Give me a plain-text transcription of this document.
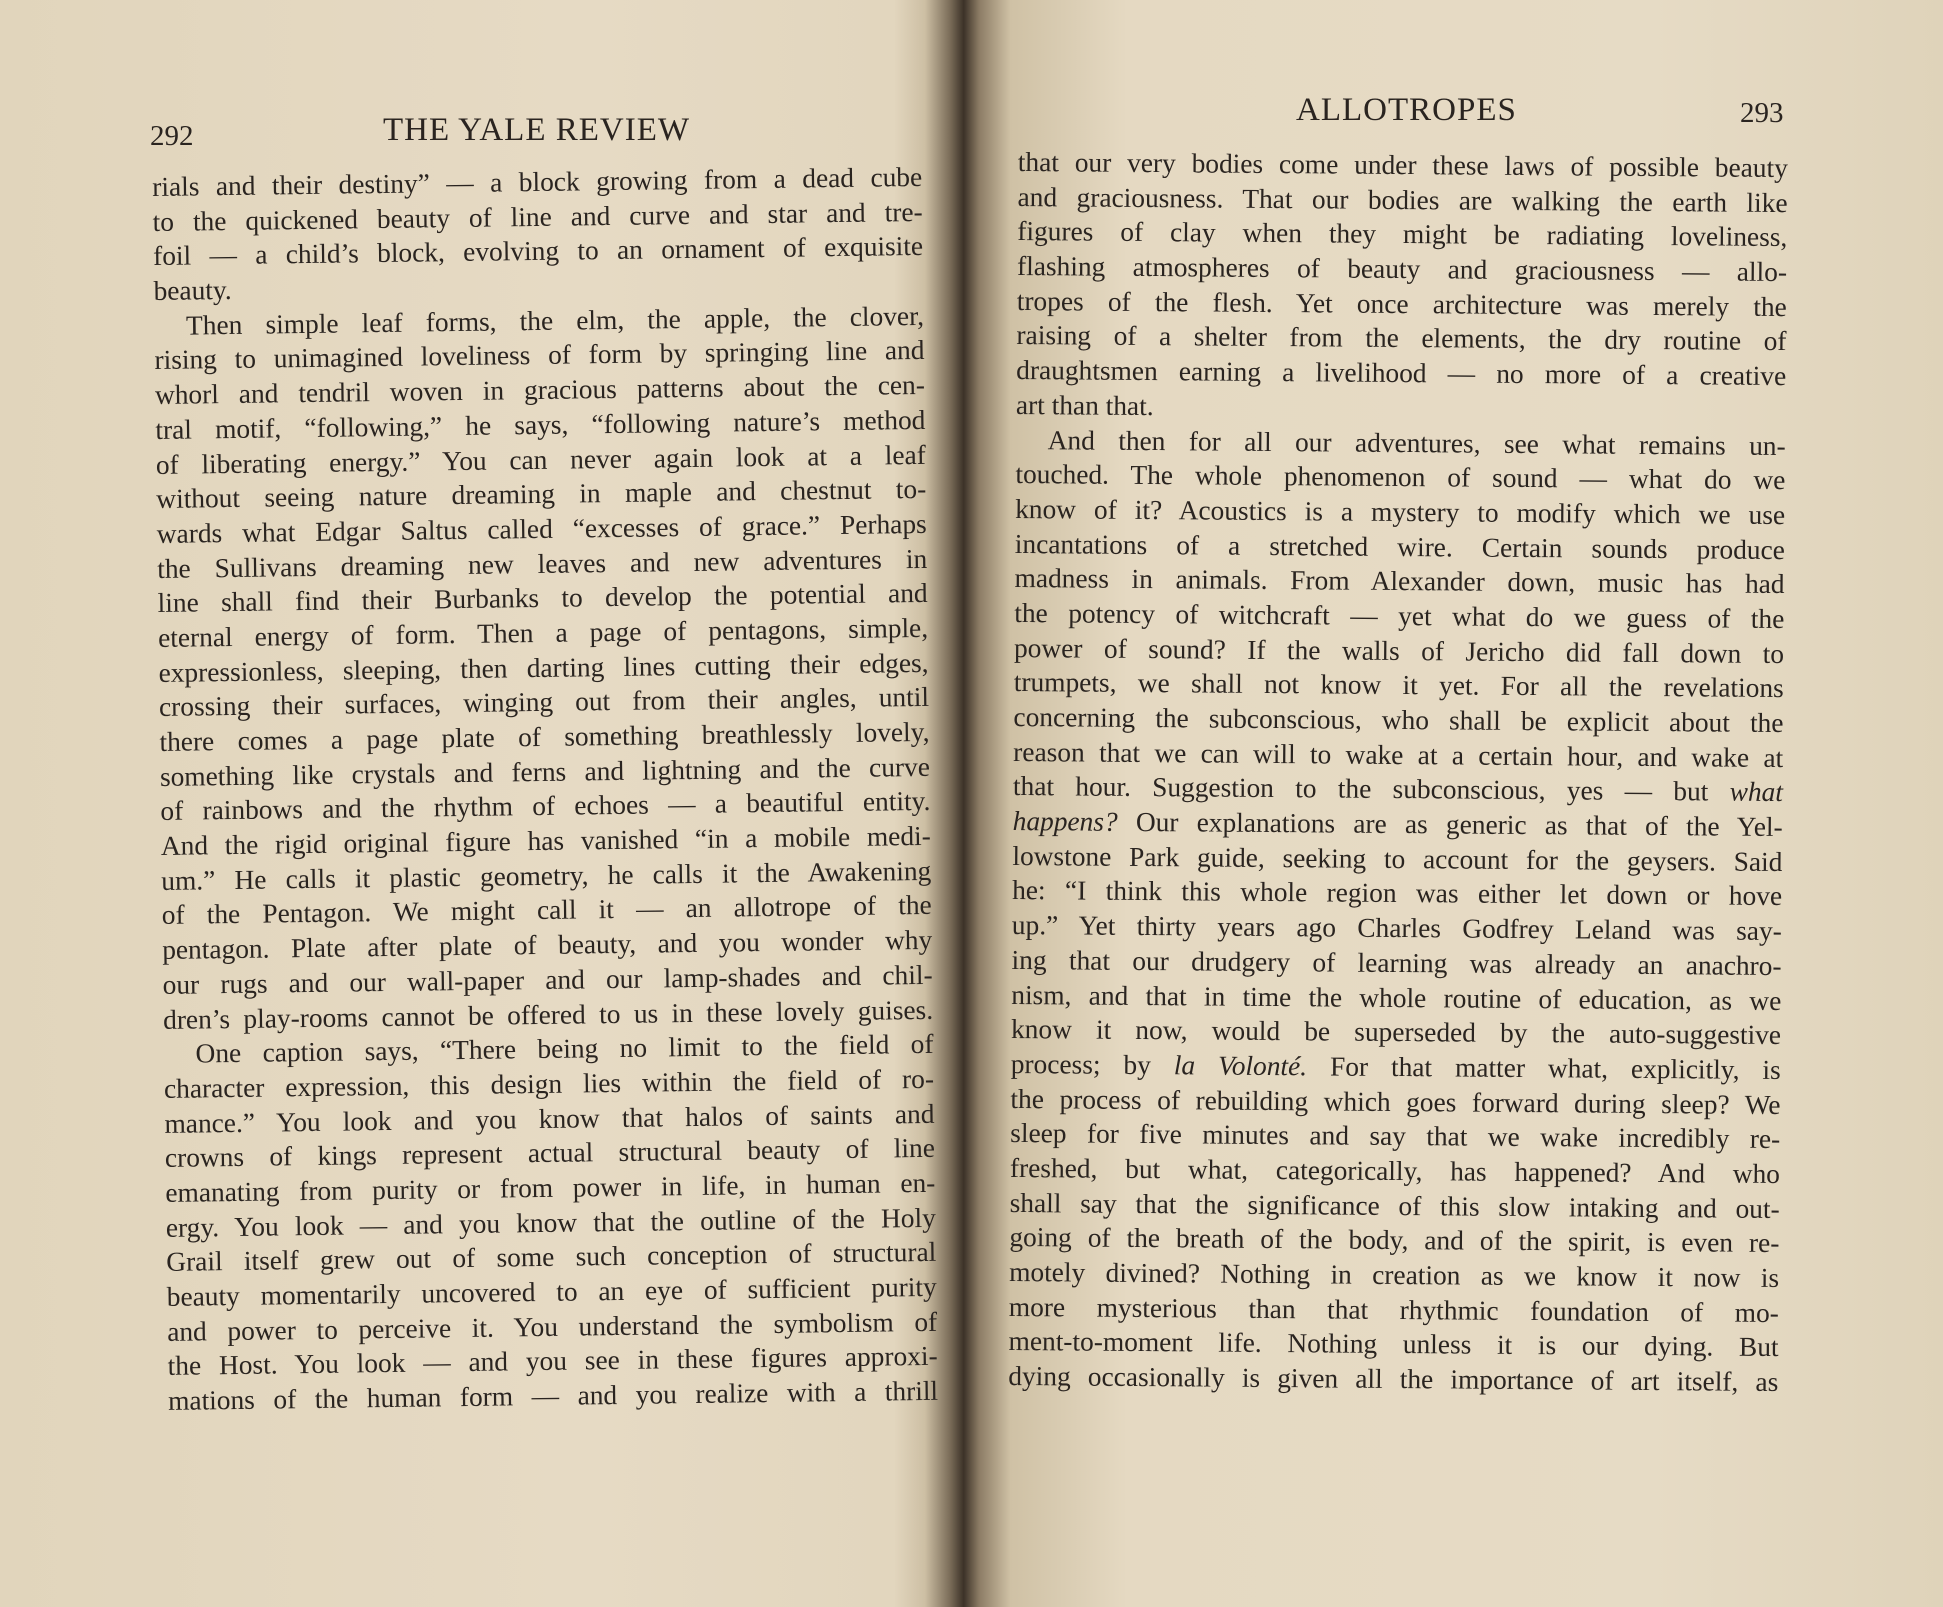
292	THE YALE REVIEW
rials and their destiny” — a block growing from a dead cube
to the quickened beauty of line and curve and star and tre-
foil — a child’s block, evolving to an ornament of exquisite
beauty.
Then simple leaf forms, the elm, the apple, the clover,
rising to unimagined loveliness of form by springing line and
whorl and tendril woven in gracious patterns about the cen-
tral motif, “following,” he says, “following nature’s method
of liberating energy.” You can never again look at a leaf
without seeing nature dreaming in maple and chestnut to-
wards what Edgar Saltus called “excesses of grace.” Perhaps
the Sullivans dreaming new leaves and new adventures in
line shall find their Burbanks to develop the potential and
eternal energy of form. Then a page of pentagons, simple,
expressionless, sleeping, then darting lines cutting their edges,
crossing their surfaces, winging out from their angles, until
there comes a page plate of something breathlessly lovely,
something like crystals and ferns and lightning and the curve
of rainbows and the rhythm of echoes — a beautiful entity.
And the rigid original figure has vanished “in a mobile medi-
um.” He calls it plastic geometry, he calls it the Awakening
of the Pentagon. We might call it — an allotrope of the
pentagon. Plate after plate of beauty, and you wonder why
our rugs and our wall-paper and our lamp-shades and chil-
dren’s play-rooms cannot be offered to us in these lovely guises.
One caption says, “There being no limit to the field of
character expression, this design lies within the field of ro-
mance.” You look and you know that halos of saints and
crowns of kings represent actual structural beauty of line
emanating from purity or from power in life, in human en-
ergy. You look — and you know that the outline of the Holy
Grail itself grew out of some such conception of structural
beauty momentarily uncovered to an eye of sufficient purity
and power to perceive it. You understand the symbolism of
the Host. You look — and you see in these figures approxi-
mations of the human form — and you realize with a thrill
ALLOTROPES	293
that our very bodies come under these laws of possible beauty
and graciousness. That our bodies are walking the earth like
figures of clay when they might be radiating loveliness,
flashing atmospheres of beauty and graciousness — allo-
tropes of the flesh. Yet once architecture was merely the
raising of a shelter from the elements, the dry routine of
draughtsmen earning a livelihood — no more of a creative
art than that.
And then for all our adventures, see what remains un-
touched. The whole phenomenon of sound — what do we
know of it? Acoustics is a mystery to modify which we use
incantations of a stretched wire. Certain sounds produce
madness in animals. From Alexander down, music has had
the potency of witchcraft — yet what do we guess of the
power of sound? If the walls of Jericho did fall down to
trumpets, we shall not know it yet. For all the revelations
concerning the subconscious, who shall be explicit about the
reason that we can will to wake at a certain hour, and wake at
that hour. Suggestion to the subconscious, yes — but what
happens? Our explanations are as generic as that of the Yel-
lowstone Park guide, seeking to account for the geysers. Said
he: “I think this whole region was either let down or hove
up.” Yet thirty years ago Charles Godfrey Leland was say-
ing that our drudgery of learning was already an anachro-
nism, and that in time the whole routine of education, as we
know it now, would be superseded by the auto-suggestive
process; by la Volonté. For that matter what, explicitly, is
the process of rebuilding which goes forward during sleep? We
sleep for five minutes and say that we wake incredibly re-
freshed, but what, categorically, has happened? And who
shall say that the significance of this slow intaking and out-
going of the breath of the body, and of the spirit, is even re-
motely divined? Nothing in creation as we know it now is
more mysterious than that rhythmic foundation of mo-
ment-to-moment life. Nothing unless it is our dying. But
dying occasionally is given all the importance of art itself, as
